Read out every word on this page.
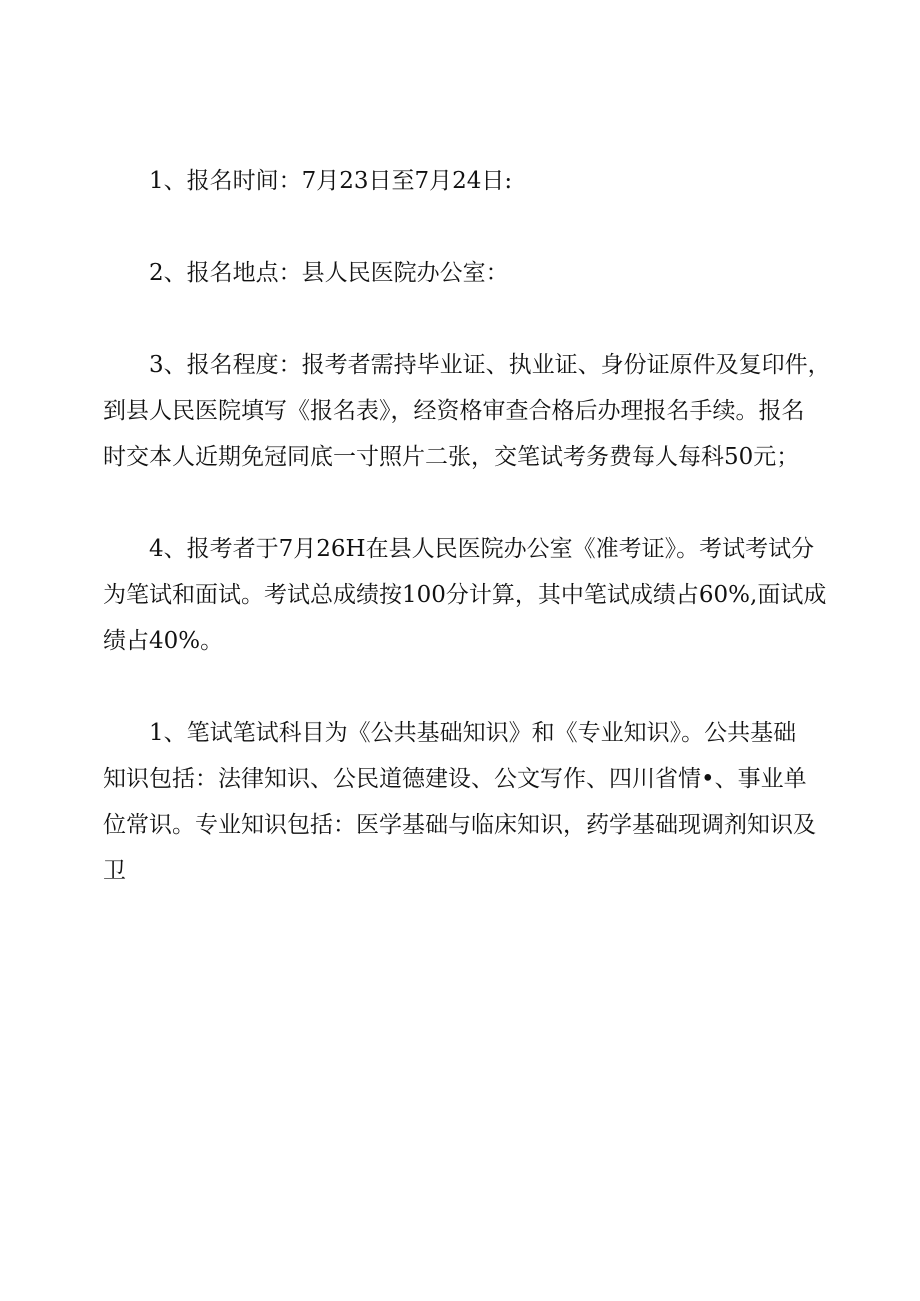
1、报名时间：7月23日至7月24日:

2、报名地点：县人民医院办公室：

3、报名程度：报考者需持毕业证、执业证、身份证原件及复印件，
到县人民医院填写《报名表》，经资格审查合格后办理报名手续。报名
时交本人近期免冠同底一寸照片二张，交笔试考务费每人每科50元；

4、报考者于7月26H在县人民医院办公室《准考证》。考试考试分
为笔试和面试。考试总成绩按100分计算，其中笔试成绩占60%,面试成
绩占40%。

1、笔试笔试科目为《公共基础知识》和《专业知识》。公共基础
知识包括：法律知识、公民道德建设、公文写作、四川省情•、事业单
位常识。专业知识包括：医学基础与临床知识，药学基础现调剂知识及
卫
